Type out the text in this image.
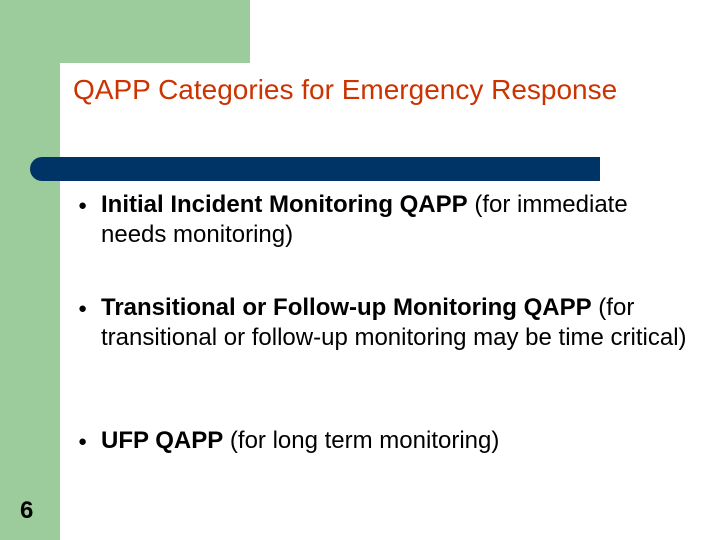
QAPP Categories for Emergency Response
● Initial Incident Monitoring QAPP (for immediate needs monitoring)
● Transitional or Follow-up Monitoring QAPP (for transitional or follow-up monitoring may be time critical)
● UFP QAPP (for long term monitoring)
6
